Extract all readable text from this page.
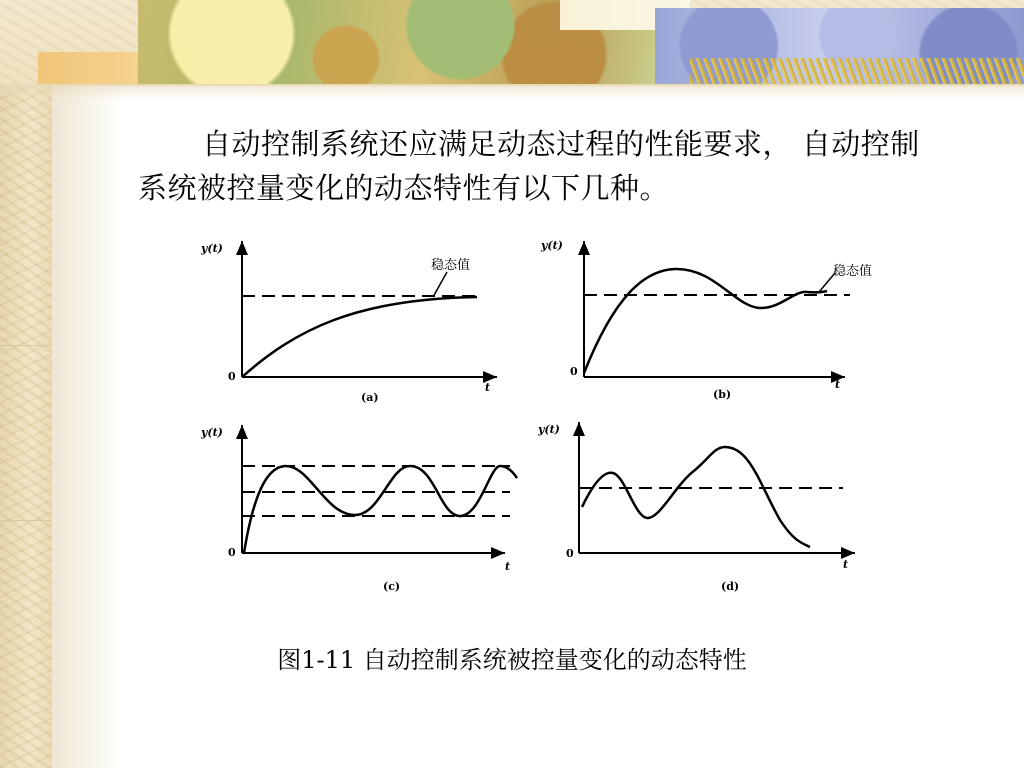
自动控制系统还应满足动态过程的性能要求， 自动控制系统被控量变化的动态特性有以下几种。
稳态值
y(t)
0
t
(a)
稳态值
y(t)
0
t
(b)
y(t)
0
t
(c)
y(t)
0
t
(d)
图1-11 自动控制系统被控量变化的动态特性
